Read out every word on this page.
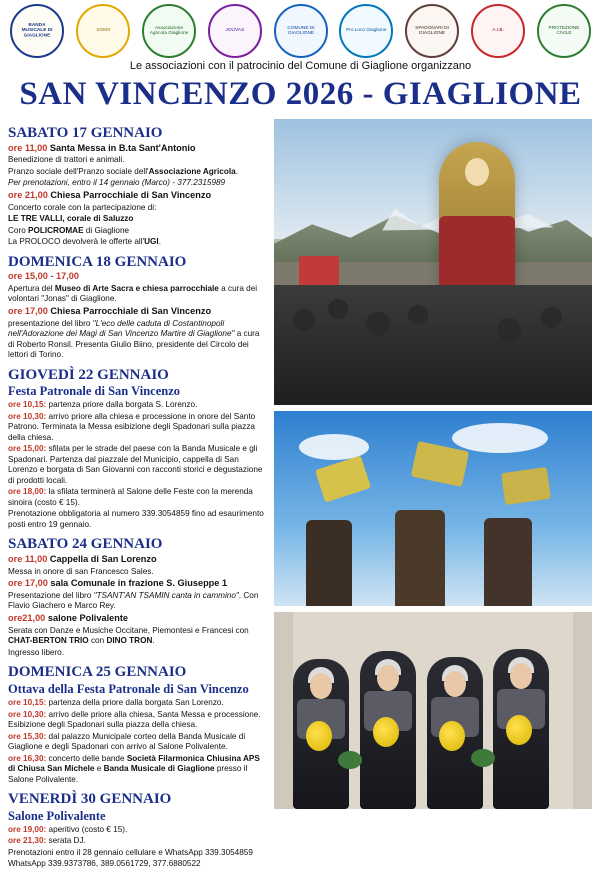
BANDA MUSICALE DI GIAGLIONE
SOMS	Associazione Agricola Giaglione	JOUVAS	COMUNE DI GIAGLIONE	Pro Loco Giaglione	SPADONARI DI GIAGLIONE	A.I.B.	PROTEZIONE CIVILE
Le associazioni con il patrocinio del Comune di Giaglione organizzano
SAN VINCENZO 2026 - GIAGLIONE
SABATO 17 GENNAIO
ore 11,00 Santa Messa in B.ta Sant'Antonio
Benedizione di trattori e animali.
Pranzo sociale dell'Pranzo sociale dell'Associazione Agricola.
Per prenotazioni, entro il 14 gennaio (Marco) - 377.2315989
ore 21,00 Chiesa Parrocchiale di San Vincenzo
Concerto corale con la partecipazione di:
LE TRE VALLI, corale di Saluzzo
Coro POLICROMAE di Giaglione
La PROLOCO devolverà le offerte all'UGI.
DOMENICA 18 GENNAIO
ore 15,00 - 17,00
Apertura del Museo di Arte Sacra e chiesa parrocchiale a cura dei volontari "Jonas" di Giaglione.
ore 17,00 Chiesa Parrocchiale di San Vincenzo
presentazione del libro "L'eco delle caduta di Costantinopoli nell'Adorazione dei Magi di San Vincenzo Martire di Giaglione" a cura di Roberto Ronsil. Presenta Giulio Biino, presidente del Circolo dei lettori di Torino.
GIOVEDÌ 22 GENNAIO
Festa Patronale di San Vincenzo
ore 10,15: partenza priore dalla borgata S. Lorenzo.
ore 10,30: arrivo priore alla chiesa e processione in onore del Santo Patrono. Terminata la Messa esibizione degli Spadonari sulla piazza della chiesa.
ore 15,00: sfilata per le strade del paese con la Banda Musicale e gli Spadonari. Partenza dal piazzale del Municipio, cappella di San Lorenzo e borgata di San Giovanni con racconti storici e degustazione di prodotti locali.
ore 18,00: la sfilata terminerà al Salone delle Feste con la merenda sinoira (costo € 15).
Prenotazione obbligatoria al numero 339.3054859 fino ad esaurimento posti entro 19 gennaio.
SABATO 24 GENNAIO
ore 11,00 Cappella di San Lorenzo
Messa in onore di san Francesco Sales.
ore 17,00 sala Comunale in frazione S. Giuseppe 1
Presentazione del libro "TSANT'AN TSAMIN canta in cammino". Con Flavio Giachero e Marco Rey.
ore21,00 salone Polivalente
Serata con Danze e Musiche Occitane, Piemontesi e Francesi con CHAT-BERTON TRIO con DINO TRON.
Ingresso libero.
DOMENICA 25 GENNAIO
Ottava della Festa Patronale di San Vincenzo
ore 10,15: partenza della priore dalla borgata San Lorenzo.
ore 10,30: arrivo delle priore alla chiesa, Santa Messa e processione. Esibizione degli Spadonari sulla piazza della chiesa.
ore 15,30: dal palazzo Municipale corteo della Banda Musicale di Giaglione e degli Spadonari con arrivo al Salone Polivalente.
ore 16,30: concerto delle bande Società Filarmonica Chiusina APS di Chiusa San Michele e Banda Musicale di Giaglione presso il Salone Polivalente.
VENERDÌ 30 GENNAIO
Salone Polivalente
ore 19,00: aperitivo (costo € 15).
ore 21,30: serata DJ.
Prenotazioni entro il 28 gennaio cellulare e WhatsApp 339.3054859
WhatsApp 339.9373786, 389.0561729, 377.6880522
